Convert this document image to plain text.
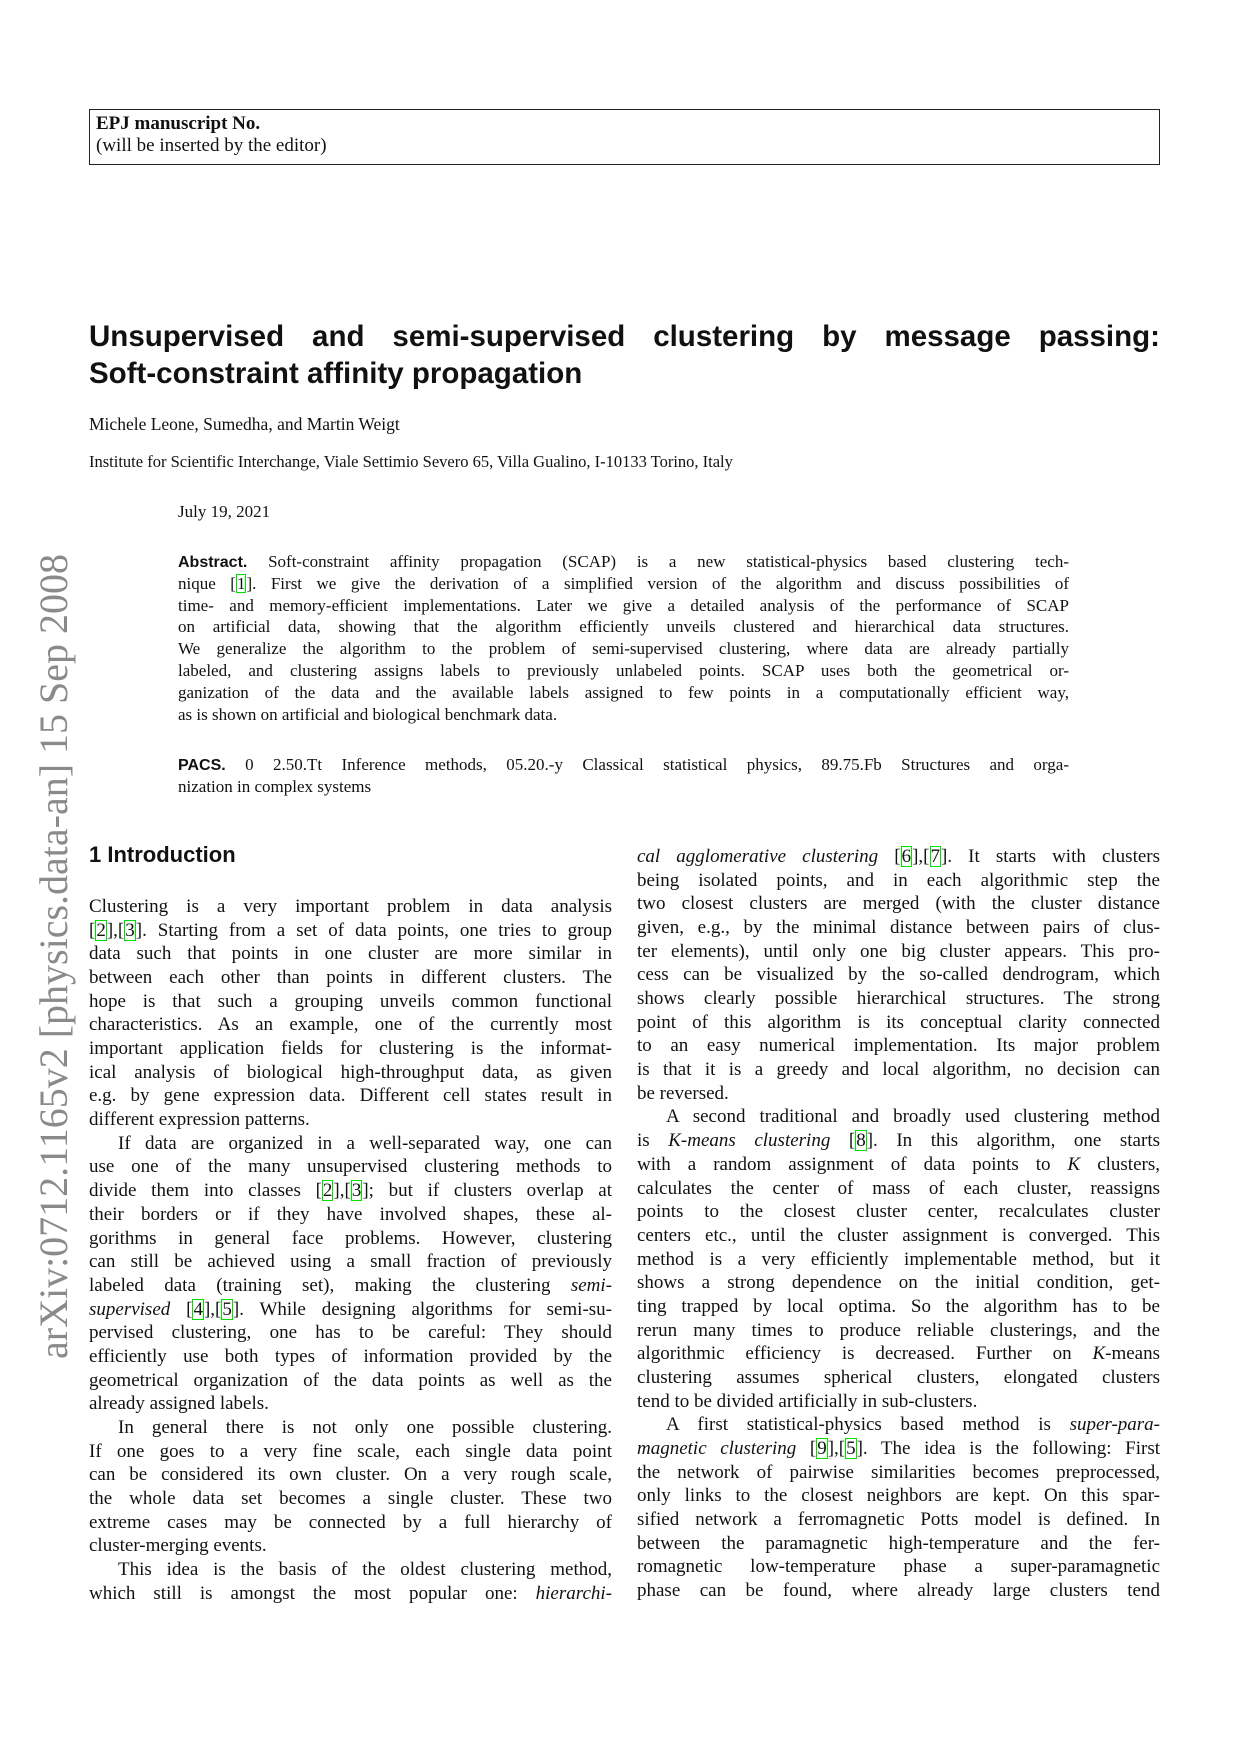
EPJ manuscript No.
(will be inserted by the editor)
arXiv:0712.1165v2 [physics.data-an] 15 Sep 2008
Unsupervised and semi-supervised clustering by message passing:
Soft-constraint affinity propagation
Michele Leone, Sumedha, and Martin Weigt
Institute for Scientific Interchange, Viale Settimio Severo 65, Villa Gualino, I-10133 Torino, Italy
July 19, 2021
Abstract. Soft-constraint affinity propagation (SCAP) is a new statistical-physics based clustering tech-
nique [1]. First we give the derivation of a simplified version of the algorithm and discuss possibilities of
time- and memory-efficient implementations. Later we give a detailed analysis of the performance of SCAP
on artificial data, showing that the algorithm efficiently unveils clustered and hierarchical data structures.
We generalize the algorithm to the problem of semi-supervised clustering, where data are already partially
labeled, and clustering assigns labels to previously unlabeled points. SCAP uses both the geometrical or-
ganization of the data and the available labels assigned to few points in a computationally efficient way,
as is shown on artificial and biological benchmark data.
PACS. 0 2.50.Tt Inference methods, 05.20.-y Classical statistical physics, 89.75.Fb Structures and orga-
nization in complex systems
1 Introduction
Clustering is a very important problem in data analysis
[2],[3]. Starting from a set of data points, one tries to group
data such that points in one cluster are more similar in
between each other than points in different clusters. The
hope is that such a grouping unveils common functional
characteristics. As an example, one of the currently most
important application fields for clustering is the informat-
ical analysis of biological high-throughput data, as given
e.g. by gene expression data. Different cell states result in
different expression patterns.
If data are organized in a well-separated way, one can
use one of the many unsupervised clustering methods to
divide them into classes [2],[3]; but if clusters overlap at
their borders or if they have involved shapes, these al-
gorithms in general face problems. However, clustering
can still be achieved using a small fraction of previously
labeled data (training set), making the clustering semi-
supervised [4],[5]. While designing algorithms for semi-su-
pervised clustering, one has to be careful: They should
efficiently use both types of information provided by the
geometrical organization of the data points as well as the
already assigned labels.
In general there is not only one possible clustering.
If one goes to a very fine scale, each single data point
can be considered its own cluster. On a very rough scale,
the whole data set becomes a single cluster. These two
extreme cases may be connected by a full hierarchy of
cluster-merging events.
This idea is the basis of the oldest clustering method,
which still is amongst the most popular one: hierarchi-
cal agglomerative clustering [6],[7]. It starts with clusters
being isolated points, and in each algorithmic step the
two closest clusters are merged (with the cluster distance
given, e.g., by the minimal distance between pairs of clus-
ter elements), until only one big cluster appears. This pro-
cess can be visualized by the so-called dendrogram, which
shows clearly possible hierarchical structures. The strong
point of this algorithm is its conceptual clarity connected
to an easy numerical implementation. Its major problem
is that it is a greedy and local algorithm, no decision can
be reversed.
A second traditional and broadly used clustering method
is K-means clustering [8]. In this algorithm, one starts
with a random assignment of data points to K clusters,
calculates the center of mass of each cluster, reassigns
points to the closest cluster center, recalculates cluster
centers etc., until the cluster assignment is converged. This
method is a very efficiently implementable method, but it
shows a strong dependence on the initial condition, get-
ting trapped by local optima. So the algorithm has to be
rerun many times to produce reliable clusterings, and the
algorithmic efficiency is decreased. Further on K-means
clustering assumes spherical clusters, elongated clusters
tend to be divided artificially in sub-clusters.
A first statistical-physics based method is super-para-
magnetic clustering [9],[5]. The idea is the following: First
the network of pairwise similarities becomes preprocessed,
only links to the closest neighbors are kept. On this spar-
sified network a ferromagnetic Potts model is defined. In
between the paramagnetic high-temperature and the fer-
romagnetic low-temperature phase a super-paramagnetic
phase can be found, where already large clusters tend
